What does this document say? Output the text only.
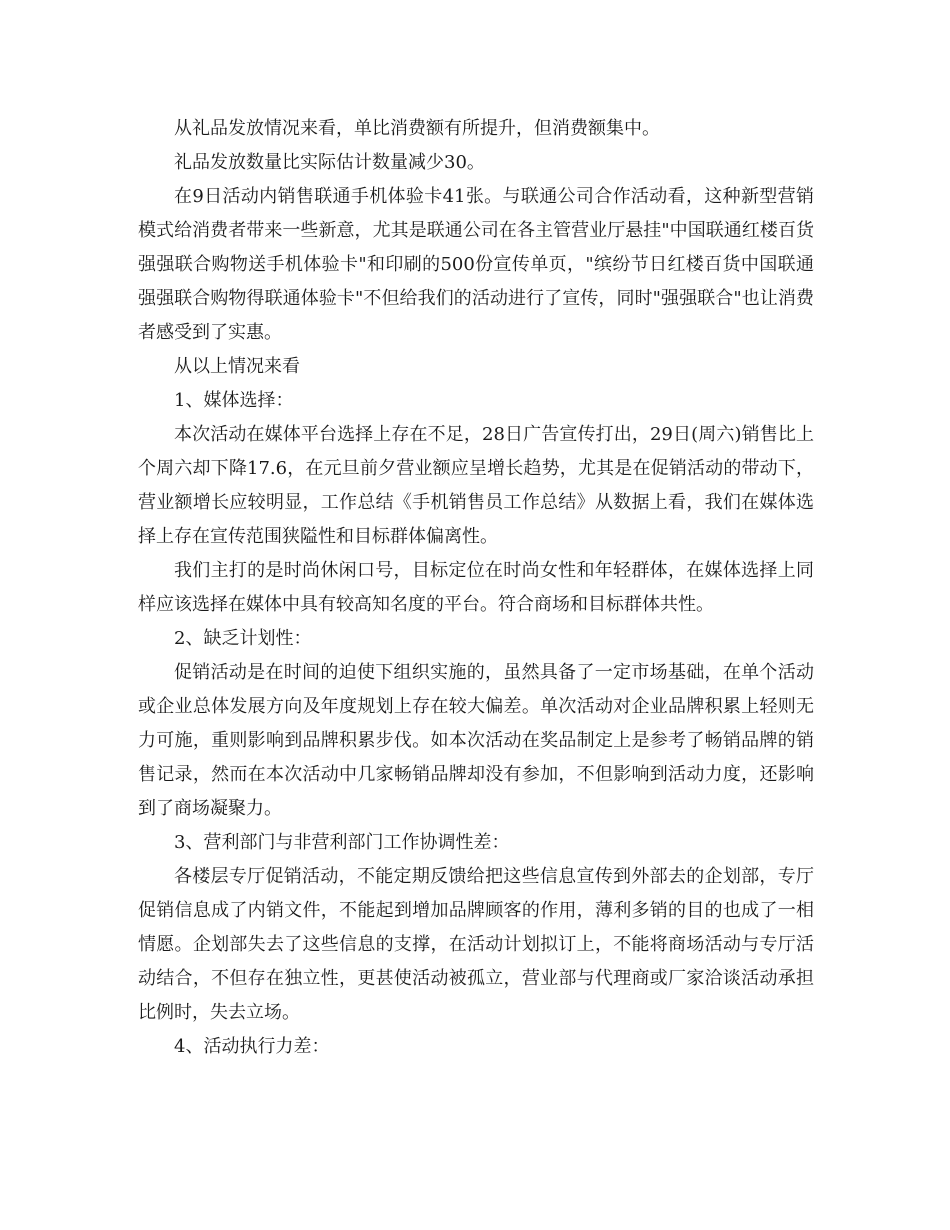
从礼品发放情况来看，单比消费额有所提升，但消费额集中。

礼品发放数量比实际估计数量减少30。

在9日活动内销售联通手机体验卡41张。与联通公司合作活动看，这种新型营销模式给消费者带来一些新意，尤其是联通公司在各主管营业厅悬挂"中国联通红楼百货强强联合购物送手机体验卡"和印刷的500份宣传单页，"缤纷节日红楼百货中国联通强强联合购物得联通体验卡"不但给我们的活动进行了宣传，同时"强强联合"也让消费者感受到了实惠。

从以上情况来看

1、媒体选择：

本次活动在媒体平台选择上存在不足，28日广告宣传打出，29日(周六)销售比上个周六却下降17.6，在元旦前夕营业额应呈增长趋势，尤其是在促销活动的带动下，营业额增长应较明显，工作总结《手机销售员工作总结》从数据上看，我们在媒体选择上存在宣传范围狭隘性和目标群体偏离性。

我们主打的是时尚休闲口号，目标定位在时尚女性和年轻群体，在媒体选择上同样应该选择在媒体中具有较高知名度的平台。符合商场和目标群体共性。

2、缺乏计划性：

促销活动是在时间的迫使下组织实施的，虽然具备了一定市场基础，在单个活动或企业总体发展方向及年度规划上存在较大偏差。单次活动对企业品牌积累上轻则无力可施，重则影响到品牌积累步伐。如本次活动在奖品制定上是参考了畅销品牌的销售记录，然而在本次活动中几家畅销品牌却没有参加，不但影响到活动力度，还影响到了商场凝聚力。

3、营利部门与非营利部门工作协调性差：

各楼层专厅促销活动，不能定期反馈给把这些信息宣传到外部去的企划部，专厅促销信息成了内销文件，不能起到增加品牌顾客的作用，薄利多销的目的也成了一相情愿。企划部失去了这些信息的支撑，在活动计划拟订上，不能将商场活动与专厅活动结合，不但存在独立性，更甚使活动被孤立，营业部与代理商或厂家洽谈活动承担比例时，失去立场。

4、活动执行力差：
